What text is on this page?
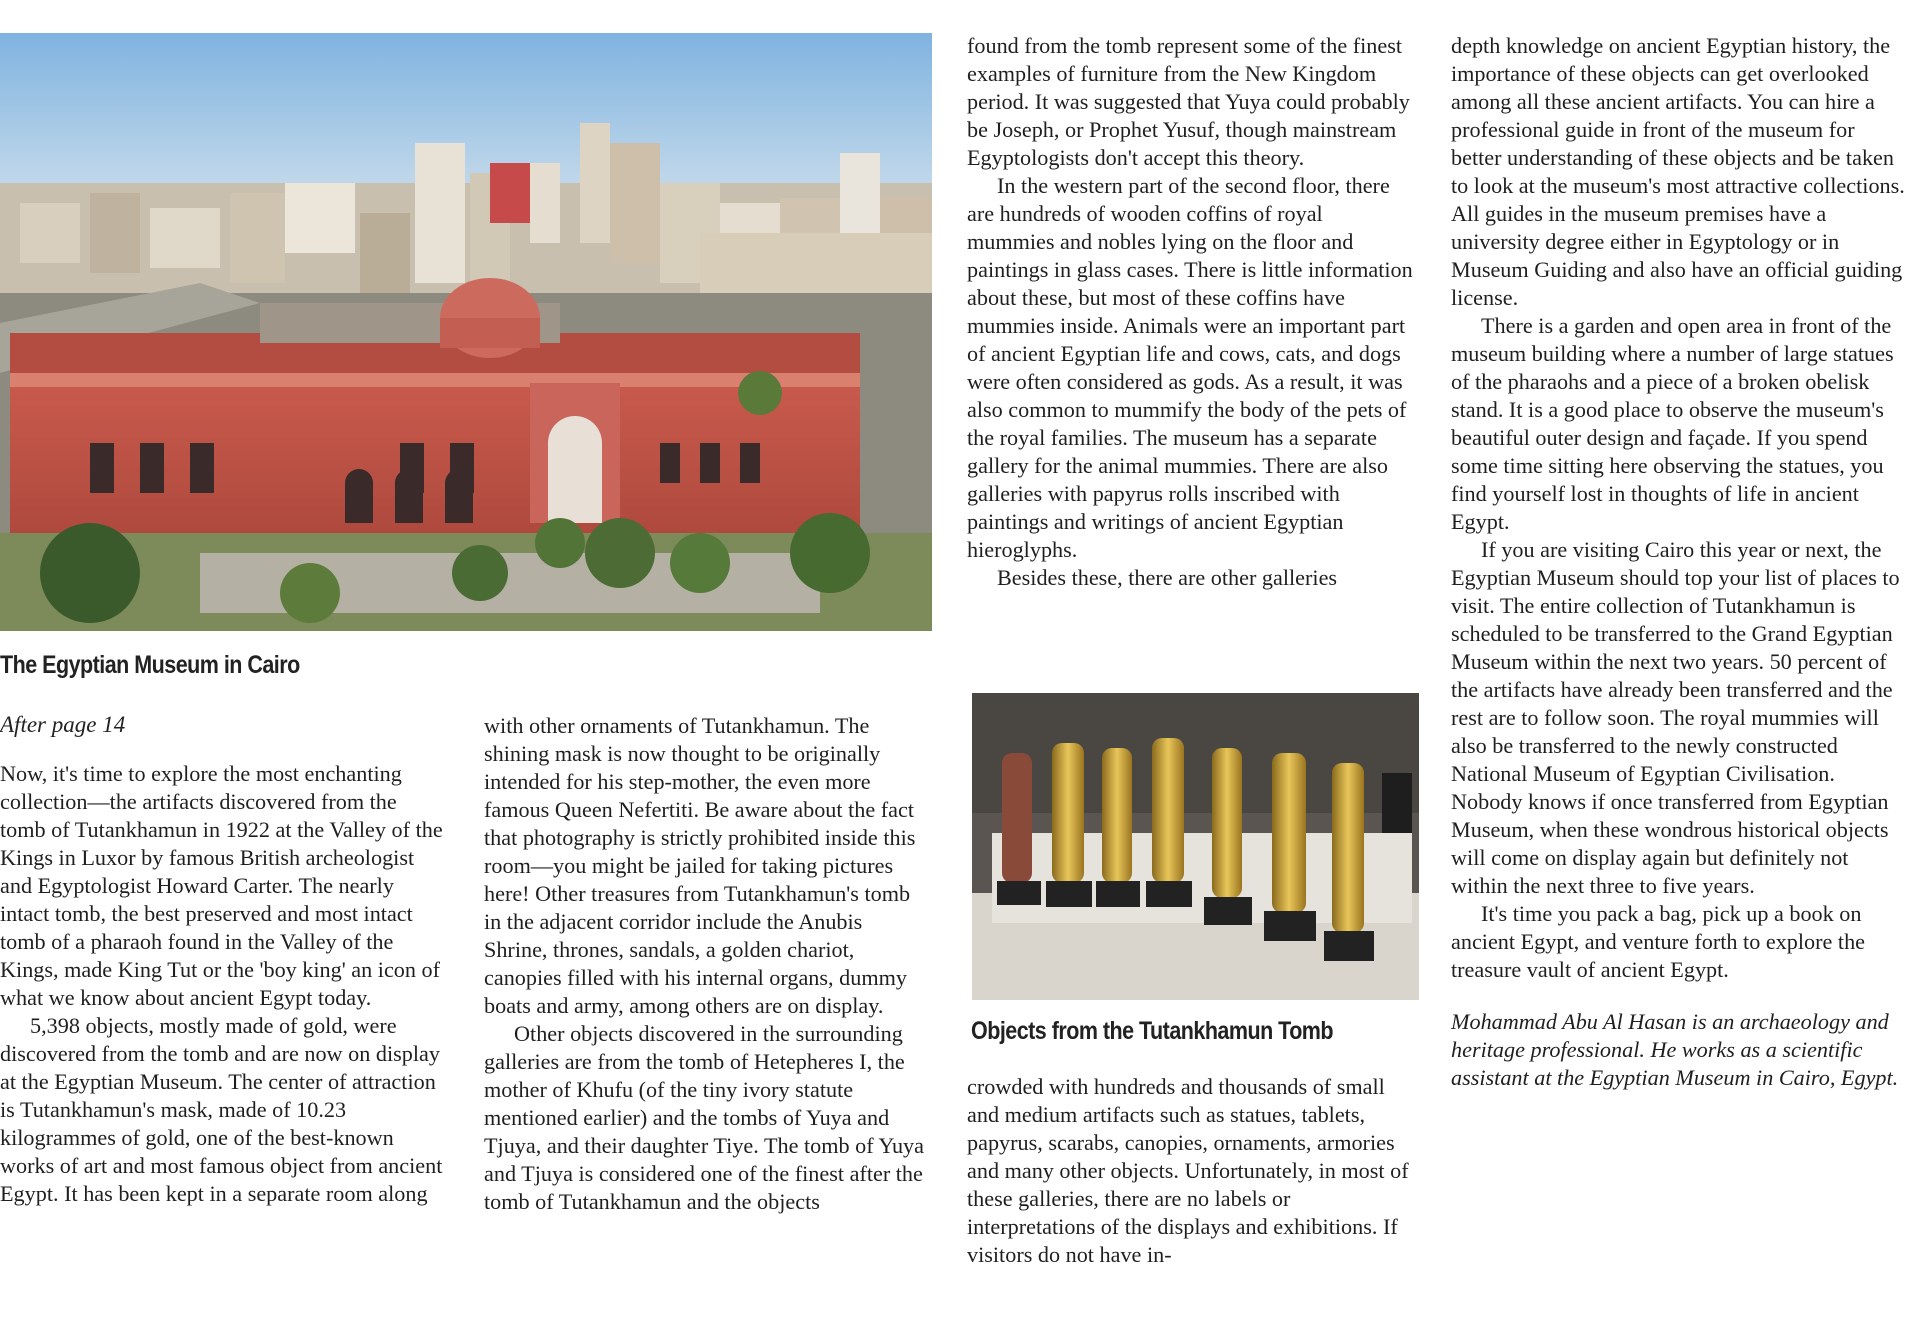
The Egyptian Museum in Cairo
After page 14

Now, it's time to explore the most enchanting collection—the artifacts discovered from the tomb of Tutankhamun in 1922 at the Valley of the Kings in Luxor by famous British archeologist and Egyptologist Howard Carter. The nearly intact tomb, the best preserved and most intact tomb of a pharaoh found in the Valley of the Kings, made King Tut or the 'boy king' an icon of what we know about ancient Egypt today.

5,398 objects, mostly made of gold, were discovered from the tomb and are now on display at the Egyptian Museum. The center of attraction is Tutankhamun's mask, made of 10.23 kilogrammes of gold, one of the best-known works of art and most famous object from ancient Egypt. It has been kept in a separate room along

with other ornaments of Tutankhamun. The shining mask is now thought to be originally intended for his step-mother, the even more famous Queen Nefertiti. Be aware about the fact that photography is strictly prohibited inside this room—you might be jailed for taking pictures here! Other treasures from Tutankhamun's tomb in the adjacent corridor include the Anubis Shrine, thrones, sandals, a golden chariot, canopies filled with his internal organs, dummy boats and army, among others are on display.

Other objects discovered in the surrounding galleries are from the tomb of Hetepheres I, the mother of Khufu (of the tiny ivory statute mentioned earlier) and the tombs of Yuya and Tjuya, and their daughter Tiye. The tomb of Yuya and Tjuya is considered one of the finest after the tomb of Tutankhamun and the objects

found from the tomb represent some of the finest examples of furniture from the New Kingdom period. It was suggested that Yuya could probably be Joseph, or Prophet Yusuf, though mainstream Egyptologists don't accept this theory.

In the western part of the second floor, there are hundreds of wooden coffins of royal mummies and nobles lying on the floor and paintings in glass cases. There is little information about these, but most of these coffins have mummies inside. Animals were an important part of ancient Egyptian life and cows, cats, and dogs were often considered as gods. As a result, it was also common to mummify the body of the pets of the royal families. The museum has a separate gallery for the animal mummies. There are also galleries with papyrus rolls inscribed with paintings and writings of ancient Egyptian hieroglyphs.

Besides these, there are other galleries

Objects from the Tutankhamun Tomb

crowded with hundreds and thousands of small and medium artifacts such as statues, tablets, papyrus, scarabs, canopies, ornaments, armories and many other objects. Unfortunately, in most of these galleries, there are no labels or interpretations of the displays and exhibitions. If visitors do not have in-

depth knowledge on ancient Egyptian history, the importance of these objects can get overlooked among all these ancient artifacts. You can hire a professional guide in front of the museum for better understanding of these objects and be taken to look at the museum's most attractive collections. All guides in the museum premises have a university degree either in Egyptology or in Museum Guiding and also have an official guiding license.

There is a garden and open area in front of the museum building where a number of large statues of the pharaohs and a piece of a broken obelisk stand. It is a good place to observe the museum's beautiful outer design and façade. If you spend some time sitting here observing the statues, you find yourself lost in thoughts of life in ancient Egypt.

If you are visiting Cairo this year or next, the Egyptian Museum should top your list of places to visit. The entire collection of Tutankhamun is scheduled to be transferred to the Grand Egyptian Museum within the next two years. 50 percent of the artifacts have already been transferred and the rest are to follow soon. The royal mummies will also be transferred to the newly constructed National Museum of Egyptian Civilisation. Nobody knows if once transferred from Egyptian Museum, when these wondrous historical objects will come on display again but definitely not within the next three to five years.

It's time you pack a bag, pick up a book on ancient Egypt, and venture forth to explore the treasure vault of ancient Egypt.

Mohammad Abu Al Hasan is an archaeology and heritage professional. He works as a scientific assistant at the Egyptian Museum in Cairo, Egypt.
